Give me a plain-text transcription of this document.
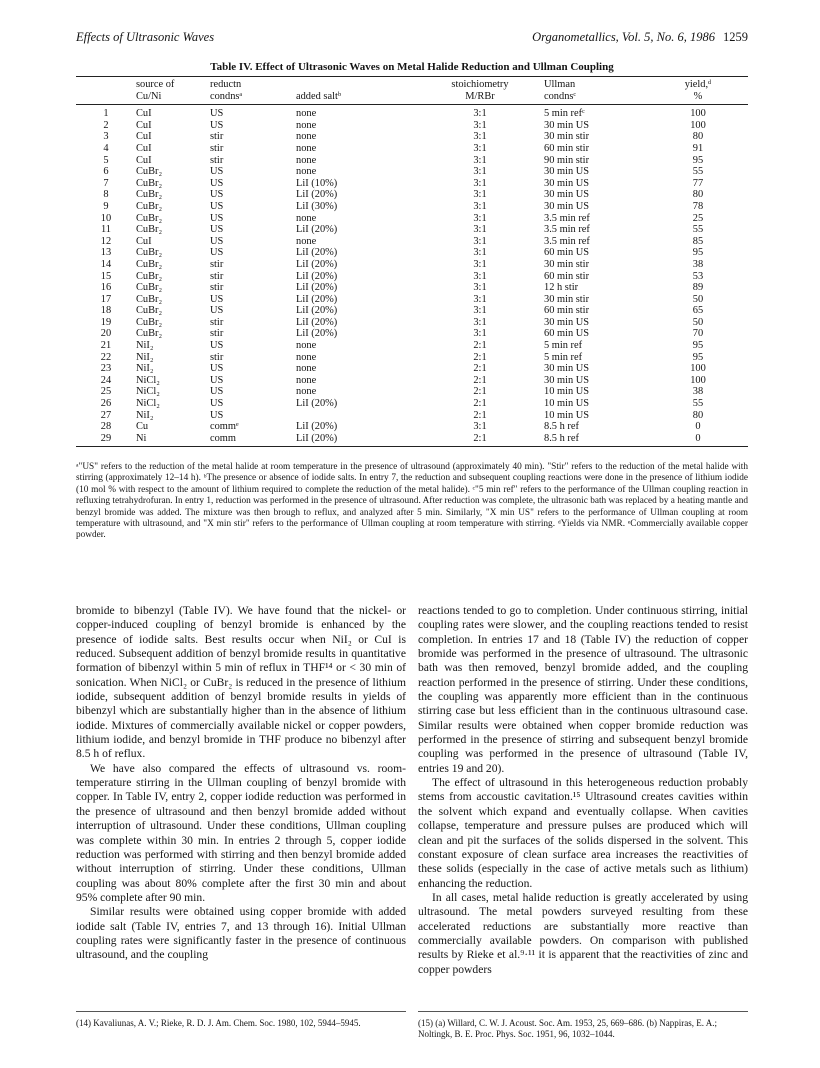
Effects of Ultrasonic Waves	Organometallics, Vol. 5, No. 6, 1986 1259
Table IV. Effect of Ultrasonic Waves on Metal Halide Reduction and Ullman Coupling
	source of	reductn		stoichiometry	Ullman	yield,ᵈ
	Cu/Ni	condnsᵃ	added saltᵇ	M/RBr	condnsᶜ	%
1	CuI	US	none	3:1	5 min refᶜ	100
2	CuI	US	none	3:1	30 min US	100
3	CuI	stir	none	3:1	30 min stir	80
4	CuI	stir	none	3:1	60 min stir	91
5	CuI	stir	none	3:1	90 min stir	95
6	CuBr₂	US	none	3:1	30 min US	55
7	CuBr₂	US	LiI (10%)	3:1	30 min US	77
8	CuBr₂	US	LiI (20%)	3:1	30 min US	80
9	CuBr₂	US	LiI (30%)	3:1	30 min US	78
10	CuBr₂	US	none	3:1	3.5 min ref	25
11	CuBr₂	US	LiI (20%)	3:1	3.5 min ref	55
12	CuI	US	none	3:1	3.5 min ref	85
13	CuBr₂	US	LiI (20%)	3:1	60 min US	95
14	CuBr₂	stir	LiI (20%)	3:1	30 min stir	38
15	CuBr₂	stir	LiI (20%)	3:1	60 min stir	53
16	CuBr₂	stir	LiI (20%)	3:1	12 h stir	89
17	CuBr₂	US	LiI (20%)	3:1	30 min stir	50
18	CuBr₂	US	LiI (20%)	3:1	60 min stir	65
19	CuBr₂	stir	LiI (20%)	3:1	30 min US	50
20	CuBr₂	stir	LiI (20%)	3:1	60 min US	70
21	NiI₂	US	none	2:1	5 min ref	95
22	NiI₂	stir	none	2:1	5 min ref	95
23	NiI₂	US	none	2:1	30 min US	100
24	NiCl₂	US	none	2:1	30 min US	100
25	NiCl₂	US	none	2:1	10 min US	38
26	NiCl₂	US	LiI (20%)	2:1	10 min US	55
27	NiI₂	US		2:1	10 min US	80
28	Cu	commᵉ	LiI (20%)	3:1	8.5 h ref	0
29	Ni	comm	LiI (20%)	2:1	8.5 h ref	0
ᵃ"US" refers to the reduction of the metal halide at room temperature in the presence of ultrasound (approximately 40 min). "Stir" refers to the reduction of the metal halide with stirring (approximately 12–14 h). ᵇThe presence or absence of iodide salts. In entry 7, the reduction and subsequent coupling reactions were done in the presence of lithium iodide (10 mol % with respect to the amount of lithium required to complete the reduction of the metal halide). ᶜ"5 min ref" refers to the performance of the Ullman coupling reaction in refluxing tetrahydrofuran. In entry 1, reduction was performed in the presence of ultrasound. After reduction was complete, the ultrasonic bath was replaced by a heating mantle and benzyl bromide was added. The mixture was then brough to reflux, and analyzed after 5 min. Similarly, "X min US" refers to the performance of Ullman coupling at room temperature with ultrasound, and "X min stir" refers to the performance of Ullman coupling at room temperature with stirring. ᵈYields via NMR. ᵉCommercially available copper powder.

bromide to bibenzyl (Table IV). We have found that the nickel- or copper-induced coupling of benzyl bromide is enhanced by the presence of iodide salts. Best results occur when NiI₂ or CuI is reduced. Subsequent addition of benzyl bromide results in quantitative formation of bibenzyl within 5 min of reflux in THF¹⁴ or < 30 min of sonication. When NiCl₂ or CuBr₂ is reduced in the presence of lithium iodide, subsequent addition of benzyl bromide results in yields of bibenzyl which are substantially higher than in the absence of lithium iodide. Mixtures of commercially available nickel or copper powders, lithium iodide, and benzyl bromide in THF produce no bibenzyl after 8.5 h of reflux.

We have also compared the effects of ultrasound vs. room-temperature stirring in the Ullman coupling of benzyl bromide with copper. In Table IV, entry 2, copper iodide reduction was performed in the presence of ultrasound and then benzyl bromide added without interruption of ultrasound. Under these conditions, Ullman coupling was complete within 30 min. In entries 2 through 5, copper iodide reduction was performed with stirring and then benzyl bromide added without interruption of stirring. Under these conditions, Ullman coupling was about 80% complete after the first 30 min and about 95% complete after 90 min.

Similar results were obtained using copper bromide with added iodide salt (Table IV, entries 7, and 13 through 16). Initial Ullman coupling rates were significantly faster in the presence of continuous ultrasound, and the coupling

reactions tended to go to completion. Under continuous stirring, initial coupling rates were slower, and the coupling reactions tended to resist completion. In entries 17 and 18 (Table IV) the reduction of copper bromide was performed in the presence of ultrasound. The ultrasonic bath was then removed, benzyl bromide added, and the coupling reaction performed in the presence of stirring. Under these conditions, the coupling was apparently more efficient than in the continuous stirring case but less efficient than in the continuous ultrasound case. Similar results were obtained when copper bromide reduction was performed in the presence of stirring and subsequent benzyl bromide coupling was performed in the presence of ultrasound (Table IV, entries 19 and 20).

The effect of ultrasound in this heterogeneous reduction probably stems from accoustic cavitation.¹⁵ Ultrasound creates cavities within the solvent which expand and eventually collapse. When cavities collapse, temperature and pressure pulses are produced which will clean and pit the surfaces of the solids dispersed in the solvent. This constant exposure of clean surface area increases the reactivities of these solids (especially in the case of active metals such as lithium) enhancing the reduction.

In all cases, metal halide reduction is greatly accelerated by using ultrasound. The metal powders surveyed resulting from these accelerated reductions are substantially more reactive than commercially available powders. On comparison with published results by Rieke et al.⁹·¹¹ it is apparent that the reactivities of zinc and copper powders

(14) Kavaliunas, A. V.; Rieke, R. D. J. Am. Chem. Soc. 1980, 102, 5944–5945.	(15) (a) Willard, C. W. J. Acoust. Soc. Am. 1953, 25, 669–686. (b) Nappiras, E. A.; Noltingk, B. E. Proc. Phys. Soc. 1951, 96, 1032–1044.
